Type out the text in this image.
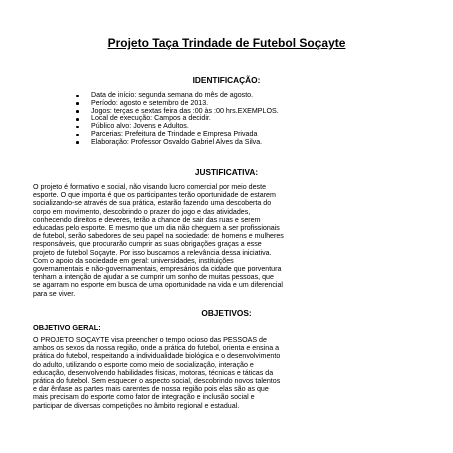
Projeto Taça Trindade de Futebol Soçayte
IDENTIFICAÇÃO:
Data de início: segunda semana do mês de agosto.
Período: agosto e setembro de 2013.
Jogos: terças e sextas feira das :00 às :00 hrs.EXEMPLOS.
Local de execução: Campos a decidir.
Público alvo: Jovens e Adultos.
Parcerias: Prefeitura de Trindade e Empresa Privada
Elaboração: Professor Osvaldo Gabriel Alves da Silva.
JUSTIFICATIVA:

O projeto é formativo e social, não visando lucro comercial por meio deste
esporte. O que importa é que os participantes terão oportunidade de estarem
socializando-se através de sua prática, estarão fazendo uma descoberta do
corpo em movimento, descobrindo o prazer do jogo e das atividades,
conhecendo direitos e deveres, terão a chance de sair das ruas e serem
educadas pelo esporte. E mesmo que um dia não cheguem a ser profissionais
de futebol, serão sabedores de seu papel na sociedade: de homens e mulheres
responsáveis, que procurarão cumprir as suas obrigações graças a esse
projeto de futebol Soçayte. Por isso buscamos a relevância dessa iniciativa.
Com o apoio da sociedade em geral: universidades, instituições
governamentais e não-governamentais, empresários da cidade que porventura
tenham a intenção de ajudar a se cumprir um sonho de muitas pessoas, que
se agarram no esporte em busca de uma oportunidade na vida e um diferencial
para se viver.

OBJETIVOS:
OBJETIVO GERAL:

O PROJETO SOÇAYTE visa preencher o tempo ocioso das PESSOAS de
ambos os sexos da nossa região, onde a prática do futebol, orienta e ensina a
prática do futebol, respeitando a individualidade biológica e o desenvolvimento
do adulto, utilizando o esporte como meio de socialização, interação e
educação, desenvolvendo habilidades físicas, motoras, técnicas e táticas da
prática do futebol. Sem esquecer o aspecto social, descobrindo novos talentos
e dar ênfase as partes mais carentes de nossa região pois elas são as que
mais precisam do esporte como fator de integração e inclusão social e
participar de diversas competições no âmbito regional e estadual.
